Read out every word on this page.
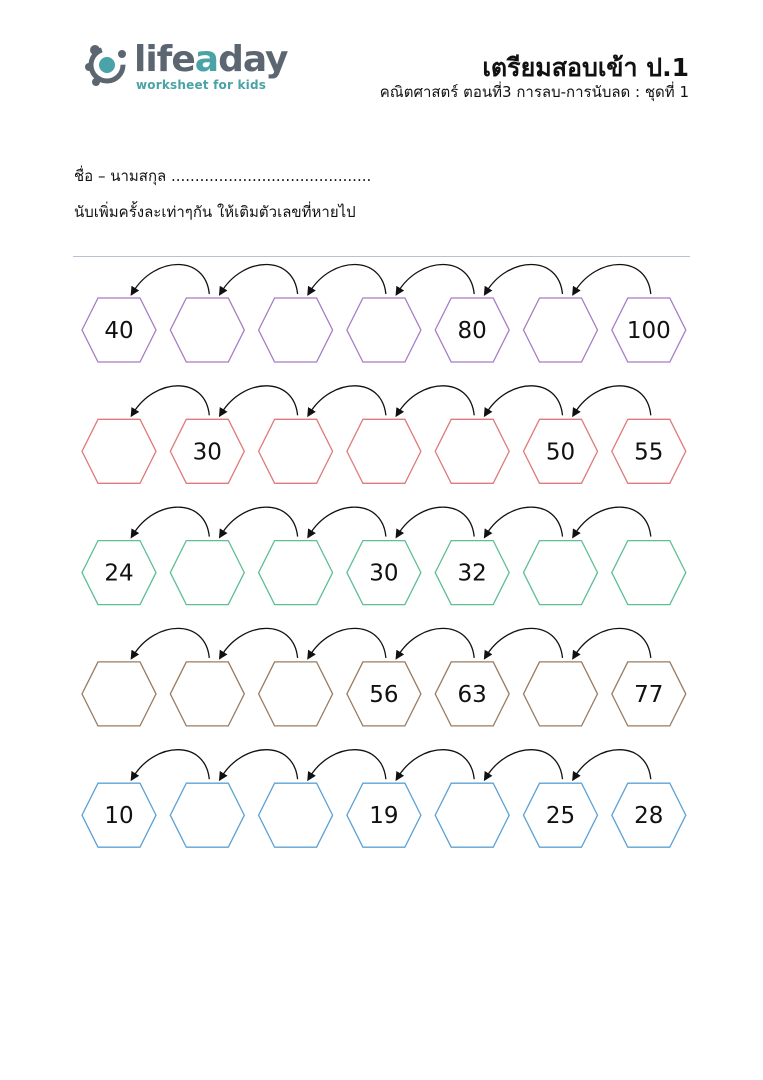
lifeaday
worksheet for kids
เตรียมสอบเข้า ป.1
คณิตศาสตร์ ตอนที่3 การลบ-การนับลด : ชุดที่ 1
ชื่อ – นามสกุล ..........................................
นับเพิ่มครั้งละเท่าๆกัน ให้เติมตัวเลขที่หายไป
40	80	100
30	50	55
24	30	32
56	63	77
10	19	25	28
